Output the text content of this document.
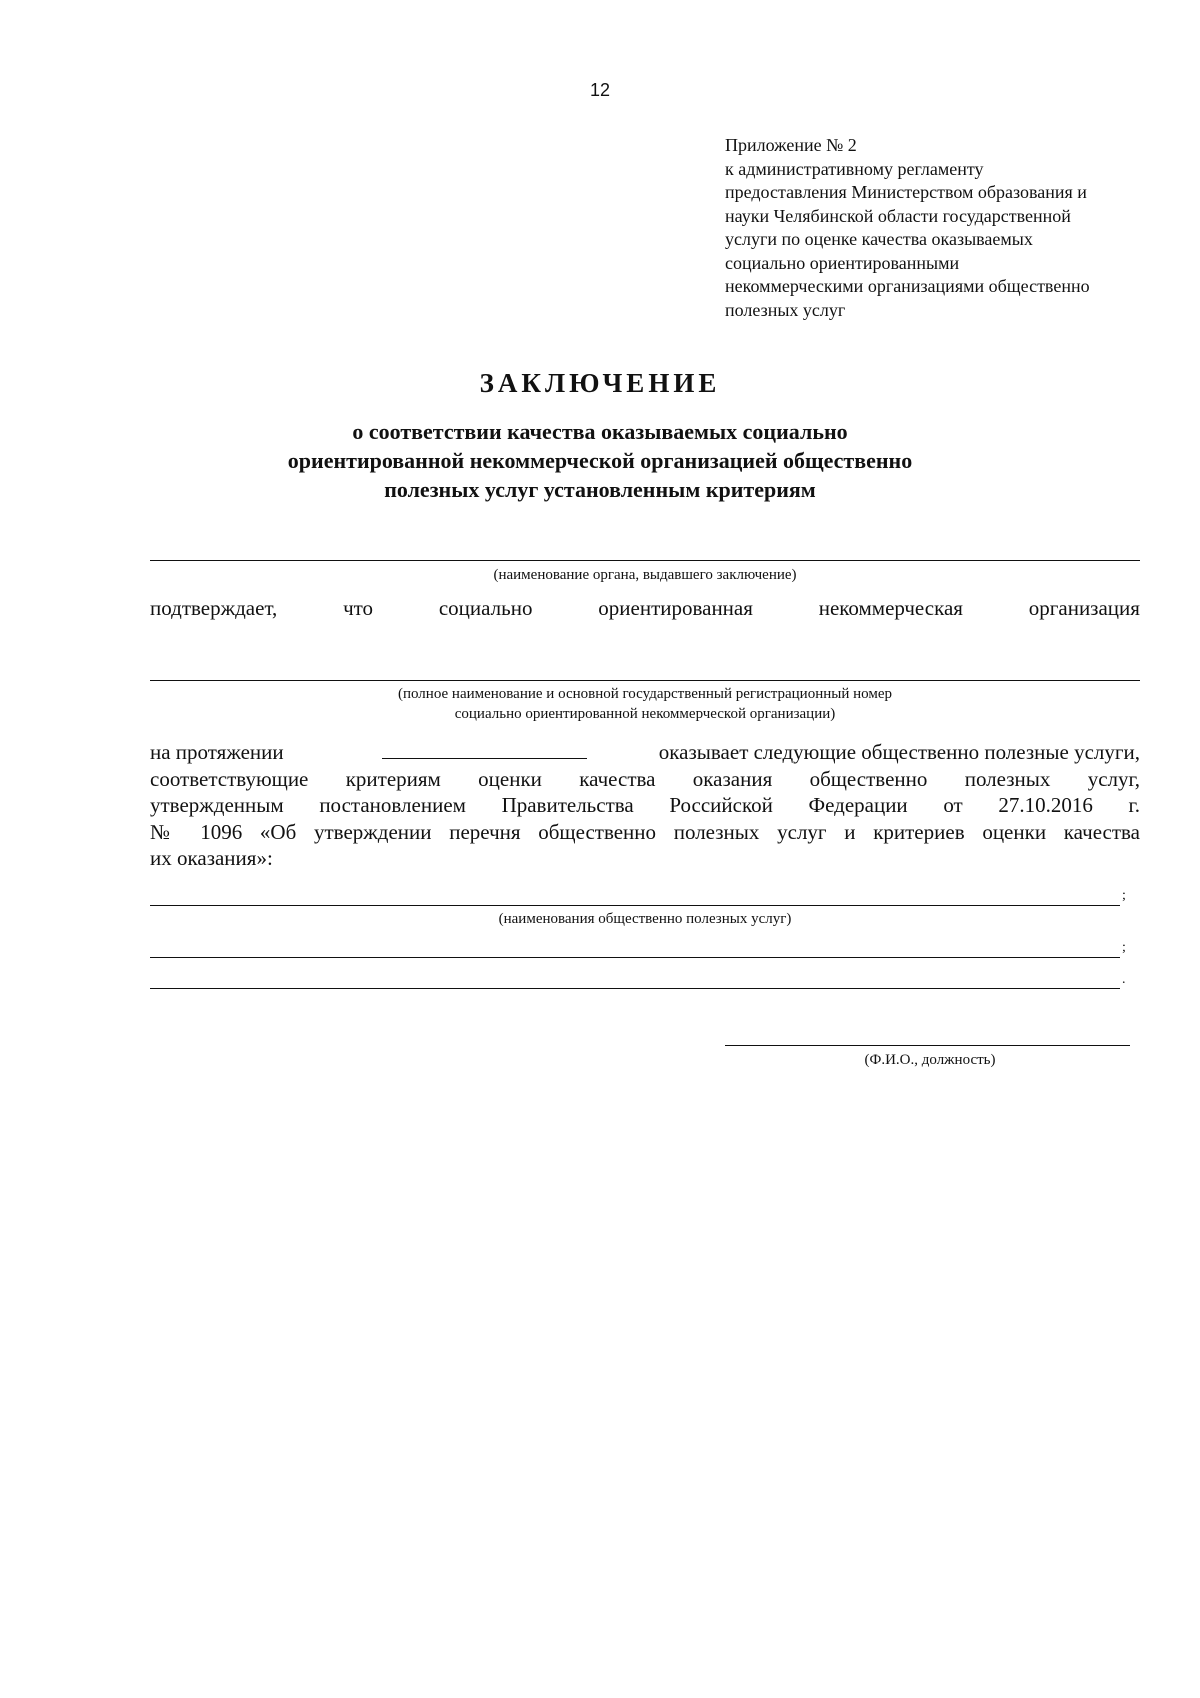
12
Приложение № 2
к административному регламенту
предоставления Министерством образования и
науки Челябинской области государственной
услуги по оценке качества оказываемых
социально ориентированными
некоммерческими организациями общественно
полезных услуг
ЗАКЛЮЧЕНИЕ
о соответствии качества оказываемых социально
ориентированной некоммерческой организацией общественно
полезных услуг установленным критериям
(наименование органа, выдавшего заключение)
подтверждает,	что	социально	ориентированная	некоммерческая	организация
(полное наименование и основной государственный регистрационный номер
социально ориентированной некоммерческой организации)
на протяжении	оказывает следующие общественно полезные услуги,
соответствующие критериям оценки качества оказания общественно полезных услуг,
утвержденным постановлением Правительства Российской Федерации от 27.10.2016 г.
№ 1096 «Об утверждении перечня общественно полезных услуг и критериев оценки качества
их оказания»:
;
(наименования общественно полезных услуг)
;
.
(Ф.И.О., должность)
